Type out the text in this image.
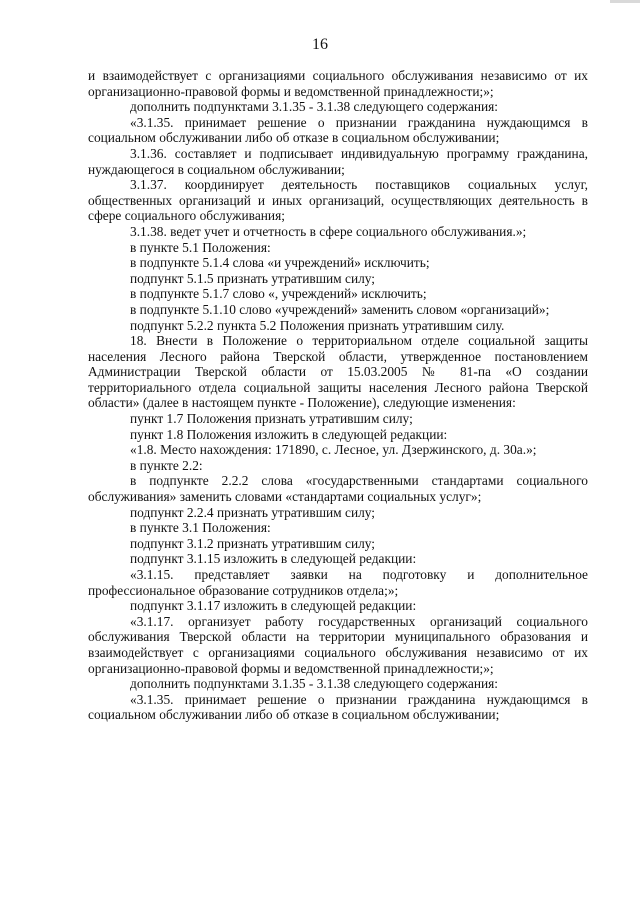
16

и взаимодействует с организациями социального обслуживания независимо от их организационно-правовой формы и ведомственной принадлежности;»;

дополнить подпунктами 3.1.35 - 3.1.38 следующего содержания:

«3.1.35. принимает решение о признании гражданина нуждающимся в социальном обслуживании либо об отказе в социальном обслуживании;

3.1.36. составляет и подписывает индивидуальную программу гражданина, нуждающегося в социальном обслуживании;

3.1.37. координирует деятельность поставщиков социальных услуг, общественных организаций и иных организаций, осуществляющих деятельность в сфере социального обслуживания;

3.1.38. ведет учет и отчетность в сфере социального обслуживания.»;

в пункте 5.1 Положения:

в подпункте 5.1.4 слова «и учреждений» исключить;

подпункт 5.1.5 признать утратившим силу;

в подпункте 5.1.7 слово «, учреждений» исключить;

в подпункте 5.1.10 слово «учреждений» заменить словом «организаций»;

подпункт 5.2.2 пункта 5.2 Положения признать утратившим силу.

18. Внести в Положение о территориальном отделе социальной защиты населения Лесного района Тверской области, утвержденное постановлением Администрации Тверской области от 15.03.2005 № 81-па «О создании территориального отдела социальной защиты населения Лесного района Тверской области» (далее в настоящем пункте - Положение), следующие изменения:

пункт 1.7 Положения признать утратившим силу;

пункт 1.8 Положения изложить в следующей редакции:

«1.8. Место нахождения: 171890, с. Лесное, ул. Дзержинского, д. 30а.»;

в пункте 2.2:

в подпункте 2.2.2 слова «государственными стандартами социального обслуживания» заменить словами «стандартами социальных услуг»;

подпункт 2.2.4 признать утратившим силу;

в пункте 3.1 Положения:

подпункт 3.1.2 признать утратившим силу;

подпункт 3.1.15 изложить в следующей редакции:

«3.1.15. представляет заявки на подготовку и дополнительное профессиональное образование сотрудников отдела;»;

подпункт 3.1.17 изложить в следующей редакции:

«3.1.17. организует работу государственных организаций социального обслуживания Тверской области на территории муниципального образования и взаимодействует с организациями социального обслуживания независимо от их организационно-правовой формы и ведомственной принадлежности;»;

дополнить подпунктами 3.1.35 - 3.1.38 следующего содержания:

«3.1.35. принимает решение о признании гражданина нуждающимся в социальном обслуживании либо об отказе в социальном обслуживании;
